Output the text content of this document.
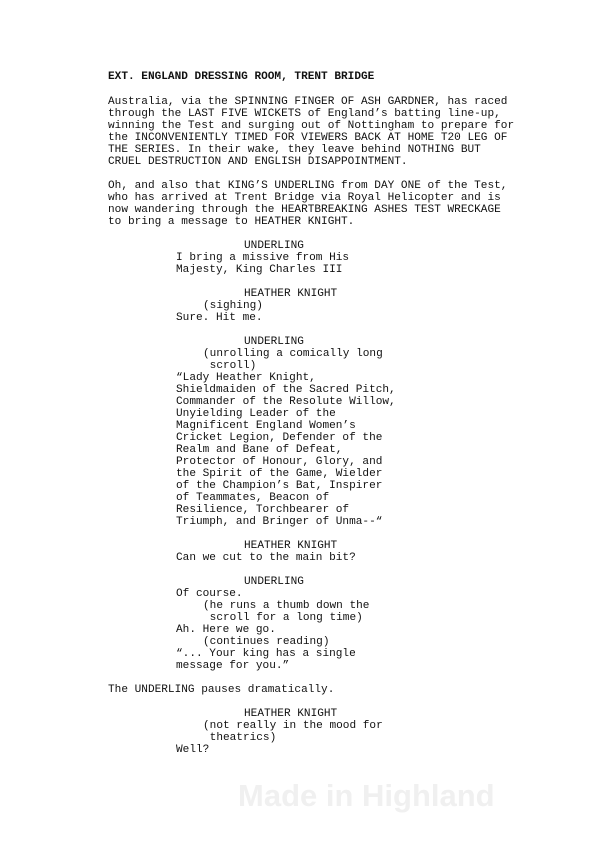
EXT. ENGLAND DRESSING ROOM, TRENT BRIDGE
Australia, via the SPINNING FINGER OF ASH GARDNER, has raced
through the LAST FIVE WICKETS of England’s batting line-up,
winning the Test and surging out of Nottingham to prepare for
the INCONVENIENTLY TIMED FOR VIEWERS BACK AT HOME T20 LEG OF
THE SERIES. In their wake, they leave behind NOTHING BUT
CRUEL DESTRUCTION AND ENGLISH DISAPPOINTMENT.
Oh, and also that KING’S UNDERLING from DAY ONE of the Test,
who has arrived at Trent Bridge via Royal Helicopter and is
now wandering through the HEARTBREAKING ASHES TEST WRECKAGE
to bring a message to HEATHER KNIGHT.
UNDERLING
I bring a missive from His
Majesty, King Charles III
HEATHER KNIGHT
(sighing)
Sure. Hit me.
UNDERLING
(unrolling a comically long
scroll)
“Lady Heather Knight,
Shieldmaiden of the Sacred Pitch,
Commander of the Resolute Willow,
Unyielding Leader of the
Magnificent England Women’s
Cricket Legion, Defender of the
Realm and Bane of Defeat,
Protector of Honour, Glory, and
the Spirit of the Game, Wielder
of the Champion’s Bat, Inspirer
of Teammates, Beacon of
Resilience, Torchbearer of
Triumph, and Bringer of Unma--“
HEATHER KNIGHT
Can we cut to the main bit?
UNDERLING
Of course.
(he runs a thumb down the
scroll for a long time)
Ah. Here we go.
(continues reading)
“... Your king has a single
message for you.”
The UNDERLING pauses dramatically.
HEATHER KNIGHT
(not really in the mood for
theatrics)
Well?
Made in Highland
